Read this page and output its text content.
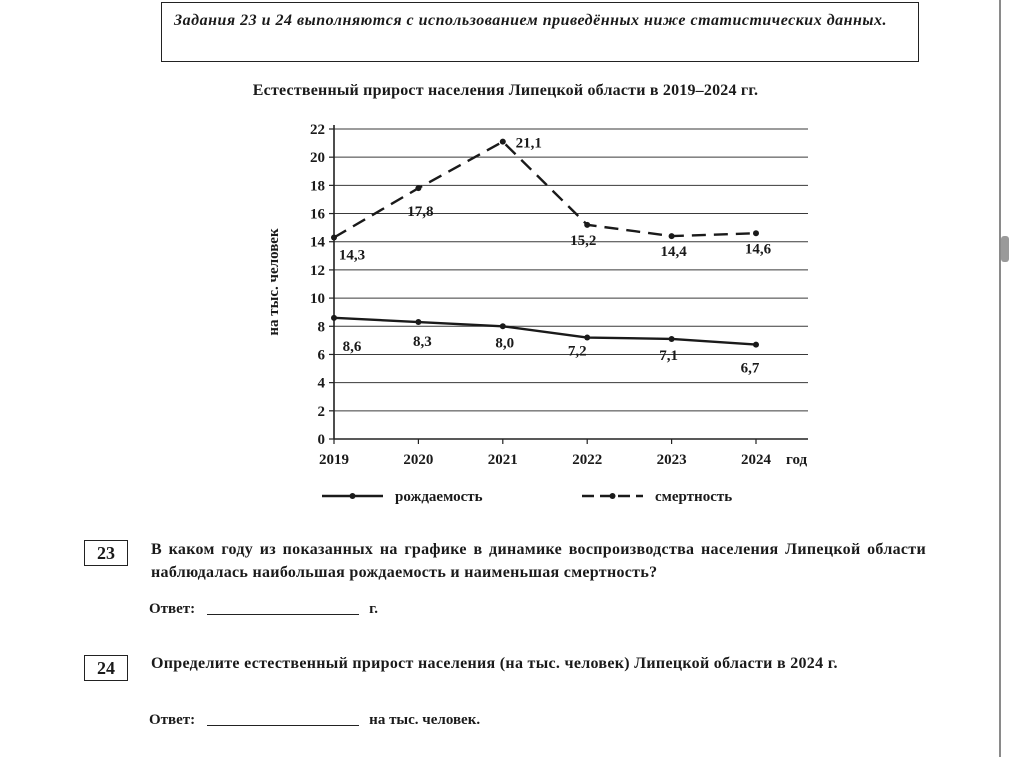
Задания 23 и 24 выполняются с использованием приведённых ниже статистических данных.
Естественный прирост населения Липецкой области в 2019–2024 гг.
0
2
4
6
8
10
12
14
16
18
20
22
2019	2020	2021	2022	2023	2024 год
на тыс. человек
8,6	8,3	8,0
7,2	7,1
6,7
14,3
17,8
21,1
15,2
14,4	14,6
рождаемость	смертность
23	В каком году из показанных на графике в динамике воспроизводства населения Липецкой области наблюдалась наибольшая рождаемость и наименьшая смертность?
Ответ:	г.
24	Определите естественный прирост населения (на тыс. человек) Липецкой области в 2024 г.
Ответ:	на тыс. человек.
